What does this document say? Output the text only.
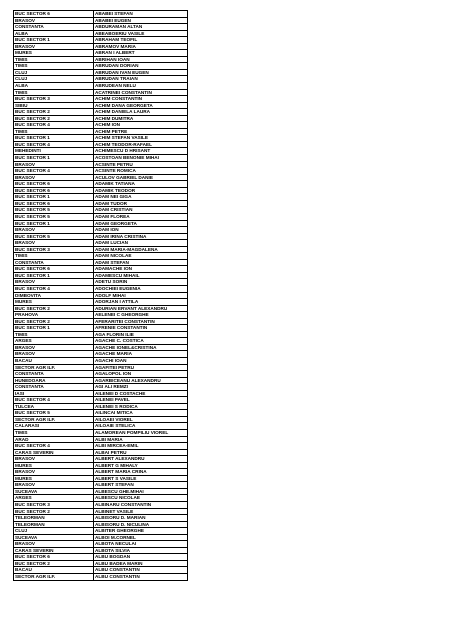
BUC SECTOR 6	ABABEI STEFAN
BRASOV	ABABEI EUGEN
CONSTANTA	ABDURAMAN ALTAN
ALBA	ABEABOERIU VASILE
BUC SECTOR 1	ABRAHAM TEOFIL
BRASOV	ABRAMOV MARIA
MURES	ABRAN I ALBERT
TIMIS	ABRIHAN IOAN
TIMIS	ABRUDAN DORIAN
CLUJ	ABRUDAN IVAN EUGEN
CLUJ	ABRUDAN TRAIAN
ALBA	ABRUDEAN NELU
TIMIS	ACATRINEI CONSTANTIN
BUC SECTOR 3	ACHIM CONSTANTIN
SIBIU	ACHIM DANA GEORGETA
BUC SECTOR 2	ACHIM DANIELA LAURA
BUC SECTOR 2	ACHIM DUMITRA
BUC SECTOR 4	ACHIM ION
TIMIS	ACHIM PETRE
BUC SECTOR 1	ACHIM STEFAN VASILE
BUC SECTOR 4	ACHIM TEODOR-RAFAEL
MEHEDINTI	ACHIMESCU D HRISANT
BUC SECTOR 1	ACOSTOAN BENONIE MIHAI
BRASOV	ACSINTE PETRU
BUC SECTOR 4	ACSINTE ROMICA
BRASOV	ACULOV GABRIEL DANIE
BUC SECTOR 6	ADAMIK TATIANA
BUC SECTOR 6	ADAMIK TEODOR
BUC SECTOR 1	ADAM NEI GIGA
BUC SECTOR 6	ADAM TUDOR
BUC SECTOR 5	ADAM CRISTIAN
BUC SECTOR 5	ADAM FLOREA
BUC SECTOR 1	ADAM GEORGETA
BRASOV	ADAM ION
BUC SECTOR 5	ADAM IRINA CRISTINA
BRASOV	ADAM LUCIAN
BUC SECTOR 3	ADAM MARIA-MAGDALENA
TIMIS	ADAM NICOLAE
CONSTANTA	ADAM STEFAN
BUC SECTOR 6	ADAMACHE ION
BUC SECTOR 1	ADAMESCU MIHAIL
BRASOV	ADETU SORIN
BUC SECTOR 4	ADOCHIEI EUGENIA
DIMBOVITA	ADOLF MIHAI
MURES	ADORJAN I ATTILA
BUC SECTOR 2	ADURIAN ERVANT ALEXANDRU
PRAHOVA	AELENEI C GHEORGHE
BUC SECTOR 2	AFERARITEI CONSTANTIN
BUC SECTOR 1	AFRENIE CONSTANTIN
TIMIS	AGA FLORIN ILIE
ARGES	AGACHE C. COSTICA
BRASOV	AGACHE IONEL&CRISTINA
BRASOV	AGACHE MARIA
BACAU	AGACHI IOAN
SECTOR AGR ILF.	AGAFITEI PETRU
CONSTANTA	AGALOPOL ION
HUNEDOARA	AGARBICEANU ALEXANDRU
CONSTANTA	AGI ALI REMZI
IASI	AILENEI D COSTACHE
BUC SECTOR 4	AILENEI PAVEL
TULCEA	AILENEI S RODICA
BUC SECTOR 5	AILINCAI MITICA
SECTOR AGR ILF.	AILOAEI VIOREL
CALARASI	AILOAIE STELICA
TIMIS	ALAMOREAN POMPILIU VIOREL
ARAD	ALBI MARIA
BUC SECTOR 4	ALBI MIRCEA-EMIL
CARAS SEVERIN	ALBAI PETRU
BRASOV	ALBERT ALEXANDRU
MURES	ALBERT G MIHALY
BRASOV	ALBERT MARIA CRINA
MURES	ALBERT S VASILE
BRASOV	ALBERT STEFAN
SUCEAVA	ALBESCU GHE.MIHAI
ARGES	ALBESCU NICOLAE
BUC SECTOR 3	ALBINARU CONSTANTIN
BUC SECTOR 2	ALBINET VASILE
TELEORMAN	ALBISORU D. MARIAN
TELEORMAN	ALBISORU D. NICULINA
CLUJ	ALBITER GHEORGHE
SUCEAVA	ALBOI M.CORNEL
BRASOV	ALBOTA NECULAI
CARAS SEVERIN	ALBOTA SILVIA
BUC SECTOR 6	ALBU BOGDAN
BUC SECTOR 2	ALBU BADEA MARIN
BACAU	ALBU CONSTANTIN
SECTOR AGR ILF.	ALBU CONSTANTIN
